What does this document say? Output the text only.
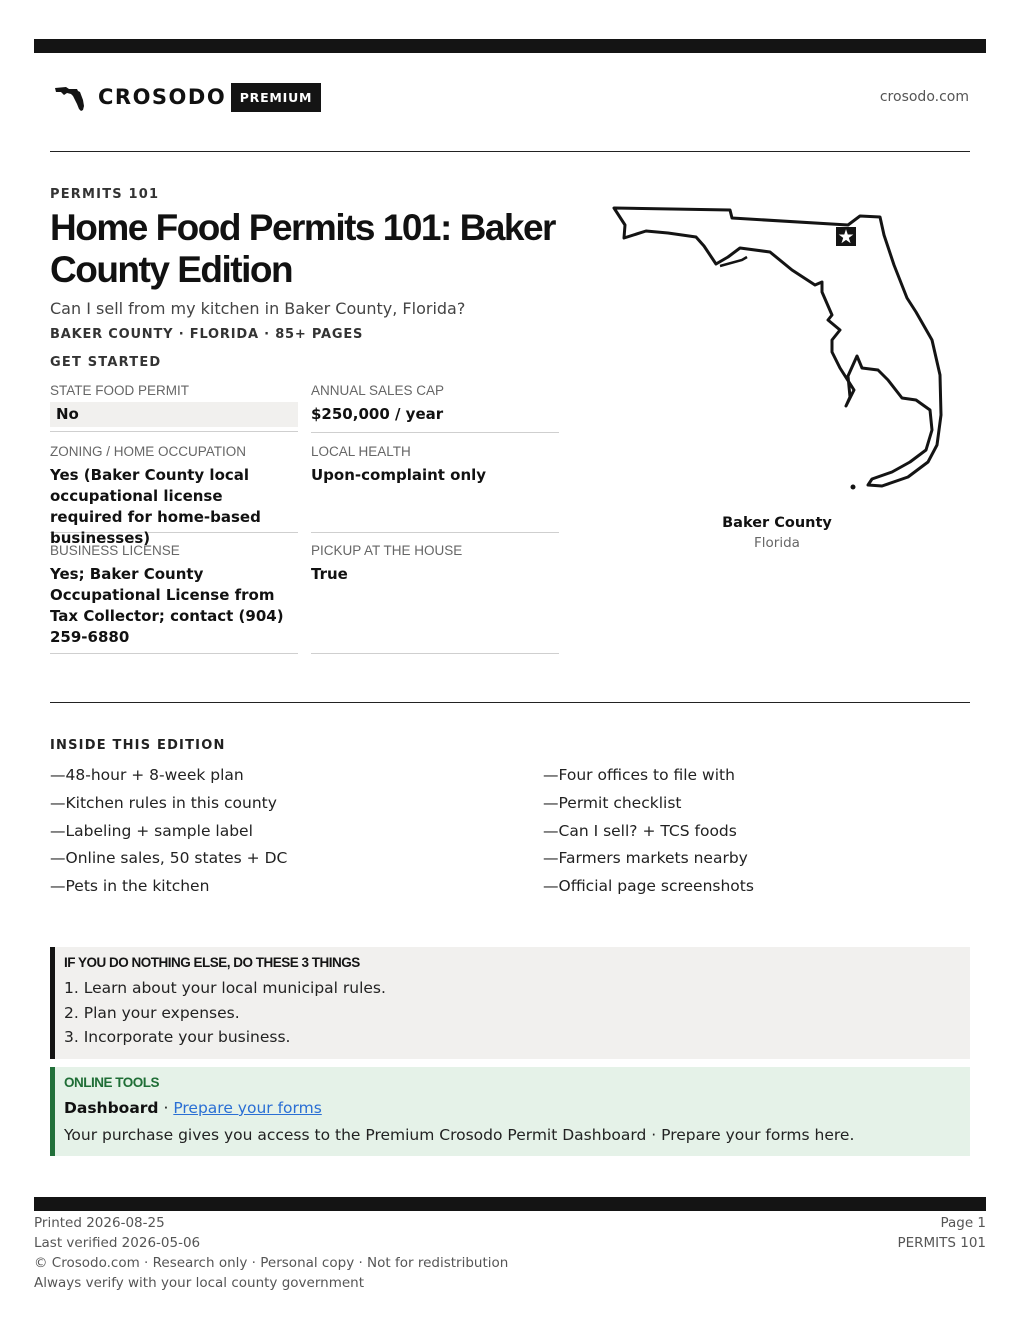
CROSODO	PREMIUM	crosodo.com
PERMITS 101
Home Food Permits 101: Baker County Edition
Can I sell from my kitchen in Baker County, Florida?
BAKER COUNTY · FLORIDA · 85+ PAGES
GET STARTED
STATE FOOD PERMIT
No
ANNUAL SALES CAP
$250,000 / year
ZONING / HOME OCCUPATION
Yes (Baker County local occupational license required for home-based businesses)
LOCAL HEALTH
Upon-complaint only
BUSINESS LICENSE
Yes; Baker County Occupational License from Tax Collector; contact (904) 259-6880
PICKUP AT THE HOUSE
True
★
Baker County
Florida
INSIDE THIS EDITION
—48-hour + 8-week plan
—Kitchen rules in this county
—Labeling + sample label
—Online sales, 50 states + DC
—Pets in the kitchen
—Four offices to file with
—Permit checklist
—Can I sell? + TCS foods
—Farmers markets nearby
—Official page screenshots
IF YOU DO NOTHING ELSE, DO THESE 3 THINGS
1. Learn about your local municipal rules.
2. Plan your expenses.
3. Incorporate your business.
ONLINE TOOLS
Dashboard · Prepare your forms
Your purchase gives you access to the Premium Crosodo Permit Dashboard · Prepare your forms here.
Printed 2026-08-25
Last verified 2026-05-06
© Crosodo.com · Research only · Personal copy · Not for redistribution
Always verify with your local county government
Page 1
PERMITS 101
